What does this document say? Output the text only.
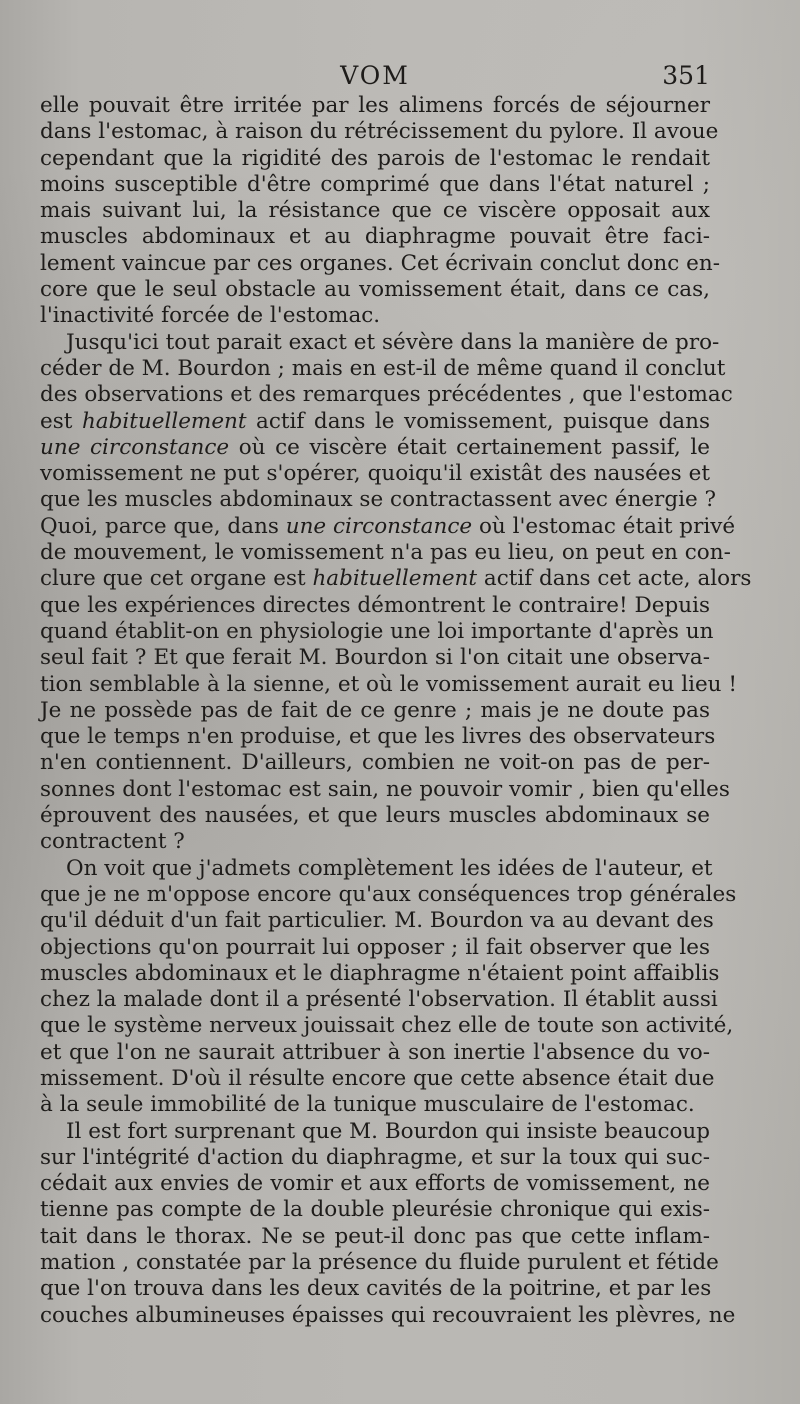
VOM	351
elle pouvait être irritée par les alimens forcés de séjourner
dans l'estomac, à raison du rétrécissement du pylore. Il avoue
cependant que la rigidité des parois de l'estomac le rendait
moins susceptible d'être comprimé que dans l'état naturel ;
mais suivant lui, la résistance que ce viscère opposait aux
muscles abdominaux et au diaphragme pouvait être faci-
lement vaincue par ces organes. Cet écrivain conclut donc en-
core que le seul obstacle au vomissement était, dans ce cas,
l'inactivité forcée de l'estomac.
Jusqu'ici tout parait exact et sévère dans la manière de pro-
céder de M. Bourdon ; mais en est-il de même quand il conclut
des observations et des remarques précédentes , que l'estomac
est habituellement actif dans le vomissement, puisque dans
une circonstance où ce viscère était certainement passif, le
vomissement ne put s'opérer, quoiqu'il existât des nausées et
que les muscles abdominaux se contractassent avec énergie ?
Quoi, parce que, dans une circonstance où l'estomac était privé
de mouvement, le vomissement n'a pas eu lieu, on peut en con-
clure que cet organe est habituellement actif dans cet acte, alors
que les expériences directes démontrent le contraire! Depuis
quand établit-on en physiologie une loi importante d'après un
seul fait ? Et que ferait M. Bourdon si l'on citait une observa-
tion semblable à la sienne, et où le vomissement aurait eu lieu !
Je ne possède pas de fait de ce genre ; mais je ne doute pas
que le temps n'en produise, et que les livres des observateurs
n'en contiennent. D'ailleurs, combien ne voit-on pas de per-
sonnes dont l'estomac est sain, ne pouvoir vomir , bien qu'elles
éprouvent des nausées, et que leurs muscles abdominaux se
contractent ?
On voit que j'admets complètement les idées de l'auteur, et
que je ne m'oppose encore qu'aux conséquences trop générales
qu'il déduit d'un fait particulier. M. Bourdon va au devant des
objections qu'on pourrait lui opposer ; il fait observer que les
muscles abdominaux et le diaphragme n'étaient point affaiblis
chez la malade dont il a présenté l'observation. Il établit aussi
que le système nerveux jouissait chez elle de toute son activité,
et que l'on ne saurait attribuer à son inertie l'absence du vo-
missement. D'où il résulte encore que cette absence était due
à la seule immobilité de la tunique musculaire de l'estomac.
Il est fort surprenant que M. Bourdon qui insiste beaucoup
sur l'intégrité d'action du diaphragme, et sur la toux qui suc-
cédait aux envies de vomir et aux efforts de vomissement, ne
tienne pas compte de la double pleurésie chronique qui exis-
tait dans le thorax. Ne se peut-il donc pas que cette inflam-
mation , constatée par la présence du fluide purulent et fétide
que l'on trouva dans les deux cavités de la poitrine, et par les
couches albumineuses épaisses qui recouvraient les plèvres, ne
